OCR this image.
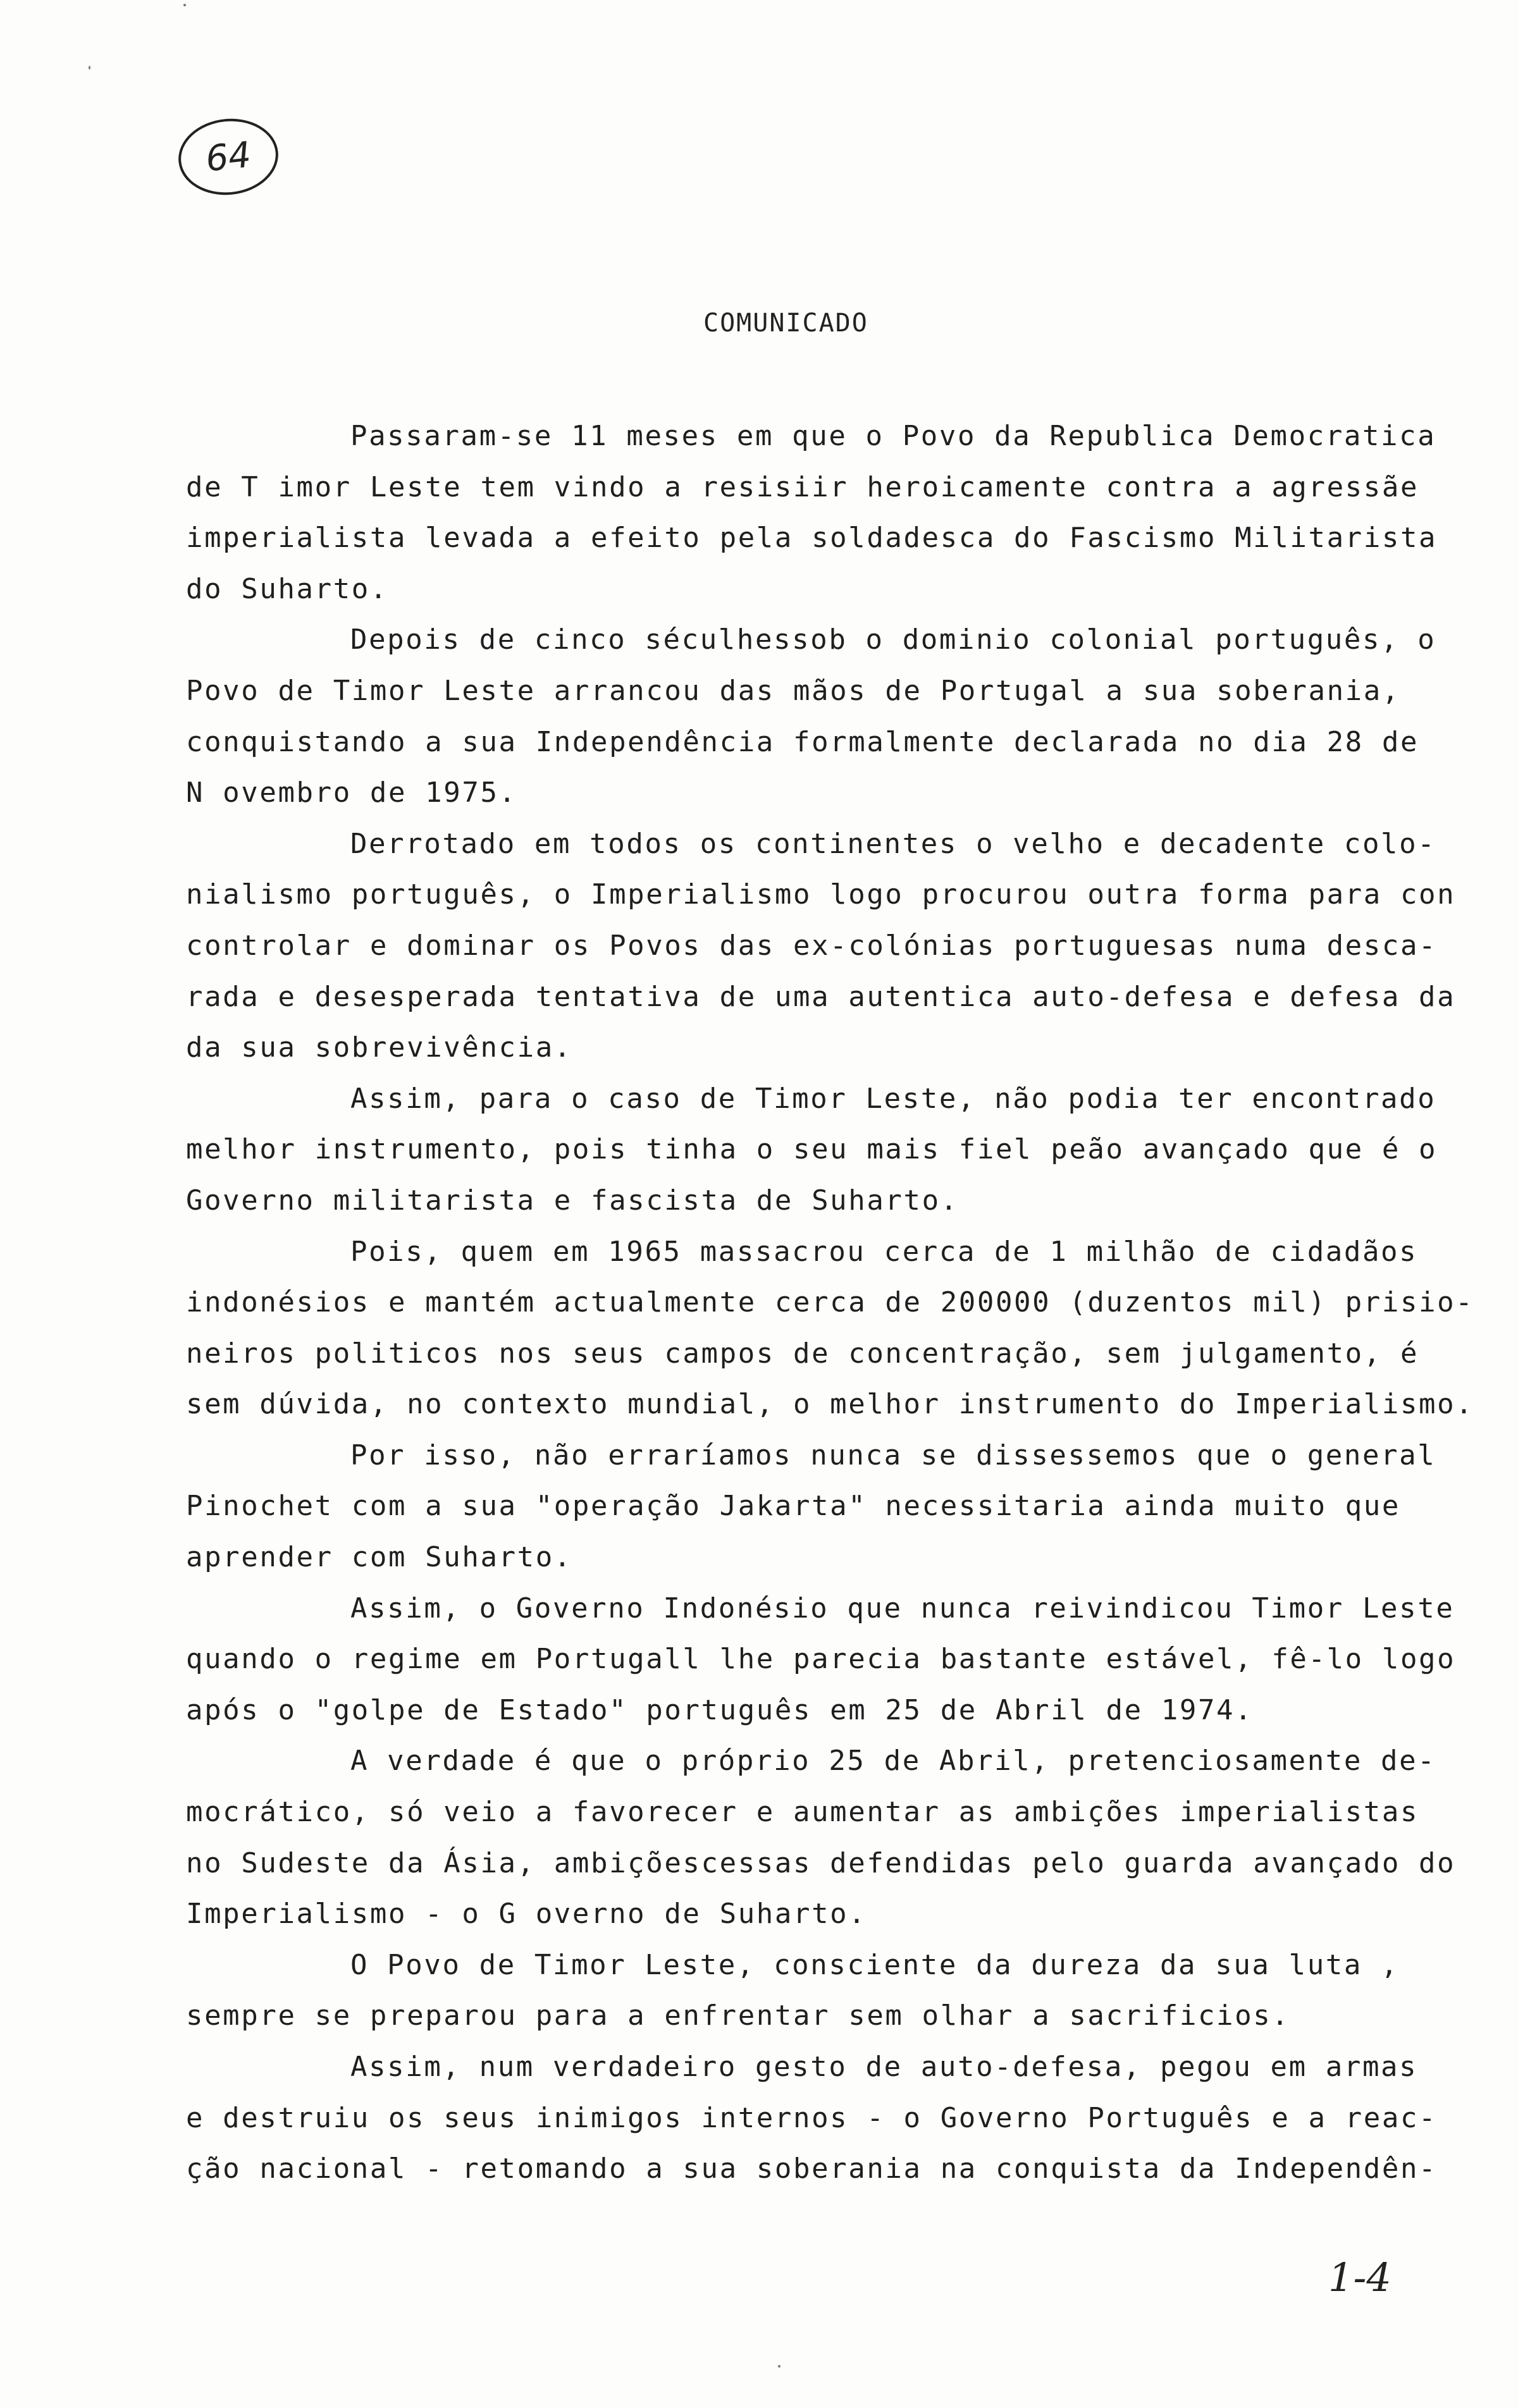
64
COMUNICADO

Passaram-se 11 meses em que o Povo da Republica Democratica
de T imor Leste tem vindo a resisiir heroicamente contra a agressãe
imperialista levada a efeito pela soldadesca do Fascismo Militarista
do Suharto.

Depois de cinco séculhessob o dominio colonial português, o
Povo de Timor Leste arrancou das mãos de Portugal a sua soberania,
conquistando a sua Independência formalmente declarada no dia 28 de
N ovembro de 1975.

Derrotado em todos os continentes o velho e decadente colo-
nialismo português, o Imperialismo logo procurou outra forma para con
controlar e dominar os Povos das ex-colónias portuguesas numa desca-
rada e desesperada tentativa de uma autentica auto-defesa e defesa da
da sua sobrevivência.

Assim, para o caso de Timor Leste, não podia ter encontrado
melhor instrumento, pois tinha o seu mais fiel peão avançado que é o
Governo militarista e fascista de Suharto.

Pois, quem em 1965 massacrou cerca de 1 milhão de cidadãos
indonésios e mantém actualmente cerca de 200000 (duzentos mil) prisio-
neiros politicos nos seus campos de concentração, sem julgamento, é
sem dúvida, no contexto mundial, o melhor instrumento do Imperialismo.

Por isso, não erraríamos nunca se dissessemos que o general
Pinochet com a sua "operação Jakarta" necessitaria ainda muito que
aprender com Suharto.

Assim, o Governo Indonésio que nunca reivindicou Timor Leste
quando o regime em Portugall lhe parecia bastante estável, fê-lo logo
após o "golpe de Estado" português em 25 de Abril de 1974.

A verdade é que o próprio 25 de Abril, pretenciosamente de-
mocrático, só veio a favorecer e aumentar as ambições imperialistas
no Sudeste da Ásia, ambiçõescessas defendidas pelo guarda avançado do
Imperialismo - o G overno de Suharto.

O Povo de Timor Leste, consciente da dureza da sua luta ,
sempre se preparou para a enfrentar sem olhar a sacrificios.

Assim, num verdadeiro gesto de auto-defesa, pegou em armas
e destruiu os seus inimigos internos - o Governo Português e a reac-
ção nacional - retomando a sua soberania na conquista da Independên-

1-4
